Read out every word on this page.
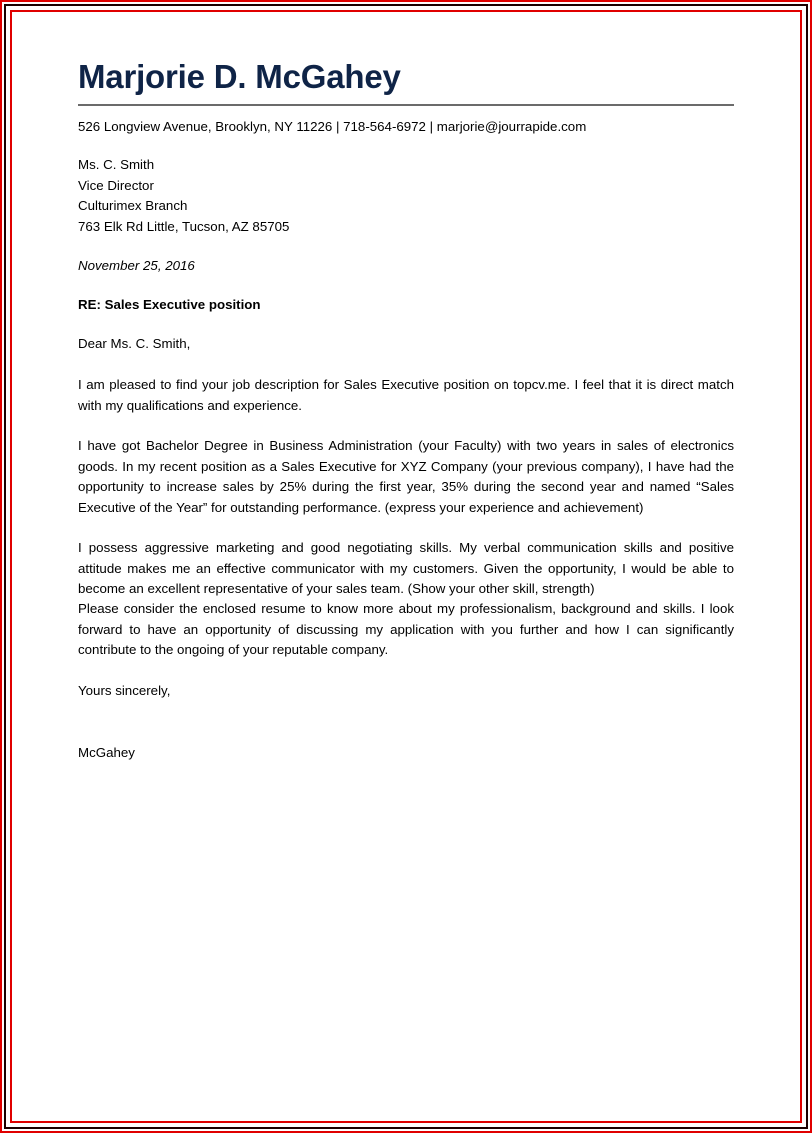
Marjorie D. McGahey
526 Longview Avenue, Brooklyn, NY 11226 | 718-564-6972 | marjorie@jourrapide.com
Ms. C. Smith
Vice Director
Culturimex Branch
763 Elk Rd Little, Tucson, AZ 85705
November 25, 2016
RE: Sales Executive position
Dear Ms. C. Smith,
I am pleased to find your job description for Sales Executive position on topcv.me. I feel that it is direct match with my qualifications and experience.
I have got Bachelor Degree in Business Administration (your Faculty) with two years in sales of electronics goods. In my recent position as a Sales Executive for XYZ Company (your previous company), I have had the opportunity to increase sales by 25% during the first year, 35% during the second year and named “Sales Executive of the Year” for outstanding performance. (express your experience and achievement)
I possess aggressive marketing and good negotiating skills. My verbal communication skills and positive attitude makes me an effective communicator with my customers. Given the opportunity, I would be able to become an excellent representative of your sales team. (Show your other skill, strength)
Please consider the enclosed resume to know more about my professionalism, background and skills. I look forward to have an opportunity of discussing my application with you further and how I can significantly contribute to the ongoing of your reputable company.
Yours sincerely,
McGahey
